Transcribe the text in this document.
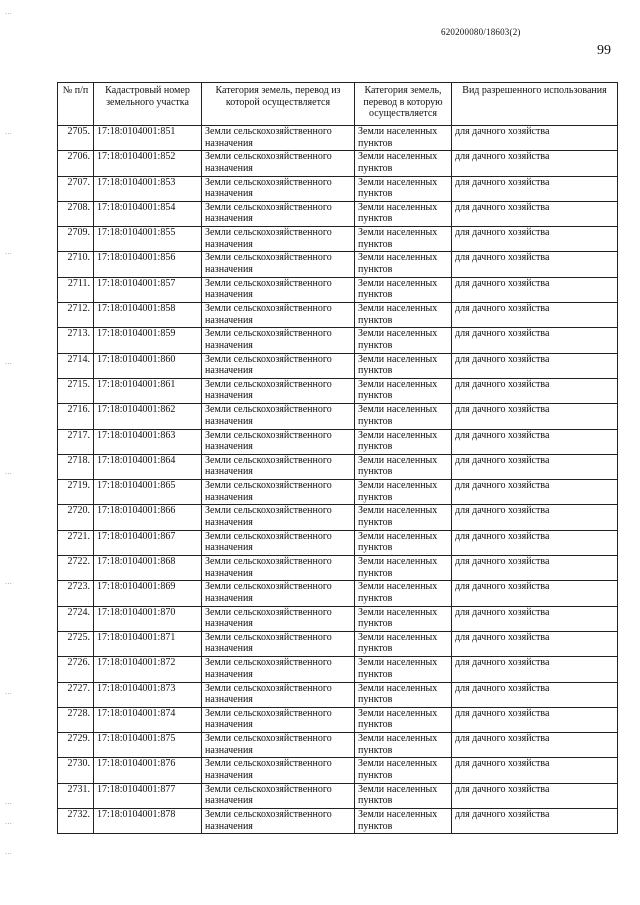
620200080/18603(2)
99
···
···
···
···
···
···
···
···
···
···
№ п/п	Кадастровый номер земельного участка	Категория земель, перевод из которой осуществляется	Категория земель, перевод в которую осуществляется	Вид разрешенного использования
2705.	17:18:0104001:851	Земли сельскохозяйственного назначения	Земли населенных пунктов	для дачного хозяйства
2706.	17:18:0104001:852	Земли сельскохозяйственного назначения	Земли населенных пунктов	для дачного хозяйства
2707.	17:18:0104001:853	Земли сельскохозяйственного назначения	Земли населенных пунктов	для дачного хозяйства
2708.	17:18:0104001:854	Земли сельскохозяйственного назначения	Земли населенных пунктов	для дачного хозяйства
2709.	17:18:0104001:855	Земли сельскохозяйственного назначения	Земли населенных пунктов	для дачного хозяйства
2710.	17:18:0104001:856	Земли сельскохозяйственного назначения	Земли населенных пунктов	для дачного хозяйства
2711.	17:18:0104001:857	Земли сельскохозяйственного назначения	Земли населенных пунктов	для дачного хозяйства
2712.	17:18:0104001:858	Земли сельскохозяйственного назначения	Земли населенных пунктов	для дачного хозяйства
2713.	17:18:0104001:859	Земли сельскохозяйственного назначения	Земли населенных пунктов	для дачного хозяйства
2714.	17:18:0104001:860	Земли сельскохозяйственного назначения	Земли населенных пунктов	для дачного хозяйства
2715.	17:18:0104001:861	Земли сельскохозяйственного назначения	Земли населенных пунктов	для дачного хозяйства
2716.	17:18:0104001:862	Земли сельскохозяйственного назначения	Земли населенных пунктов	для дачного хозяйства
2717.	17:18:0104001:863	Земли сельскохозяйственного назначения	Земли населенных пунктов	для дачного хозяйства
2718.	17:18:0104001:864	Земли сельскохозяйственного назначения	Земли населенных пунктов	для дачного хозяйства
2719.	17:18:0104001:865	Земли сельскохозяйственного назначения	Земли населенных пунктов	для дачного хозяйства
2720.	17:18:0104001:866	Земли сельскохозяйственного назначения	Земли населенных пунктов	для дачного хозяйства
2721.	17:18:0104001:867	Земли сельскохозяйственного назначения	Земли населенных пунктов	для дачного хозяйства
2722.	17:18:0104001:868	Земли сельскохозяйственного назначения	Земли населенных пунктов	для дачного хозяйства
2723.	17:18:0104001:869	Земли сельскохозяйственного назначения	Земли населенных пунктов	для дачного хозяйства
2724.	17:18:0104001:870	Земли сельскохозяйственного назначения	Земли населенных пунктов	для дачного хозяйства
2725.	17:18:0104001:871	Земли сельскохозяйственного назначения	Земли населенных пунктов	для дачного хозяйства
2726.	17:18:0104001:872	Земли сельскохозяйственного назначения	Земли населенных пунктов	для дачного хозяйства
2727.	17:18:0104001:873	Земли сельскохозяйственного назначения	Земли населенных пунктов	для дачного хозяйства
2728.	17:18:0104001:874	Земли сельскохозяйственного назначения	Земли населенных пунктов	для дачного хозяйства
2729.	17:18:0104001:875	Земли сельскохозяйственного назначения	Земли населенных пунктов	для дачного хозяйства
2730.	17:18:0104001:876	Земли сельскохозяйственного назначения	Земли населенных пунктов	для дачного хозяйства
2731.	17:18:0104001:877	Земли сельскохозяйственного назначения	Земли населенных пунктов	для дачного хозяйства
2732.	17:18:0104001:878	Земли сельскохозяйственного назначения	Земли населенных пунктов	для дачного хозяйства
